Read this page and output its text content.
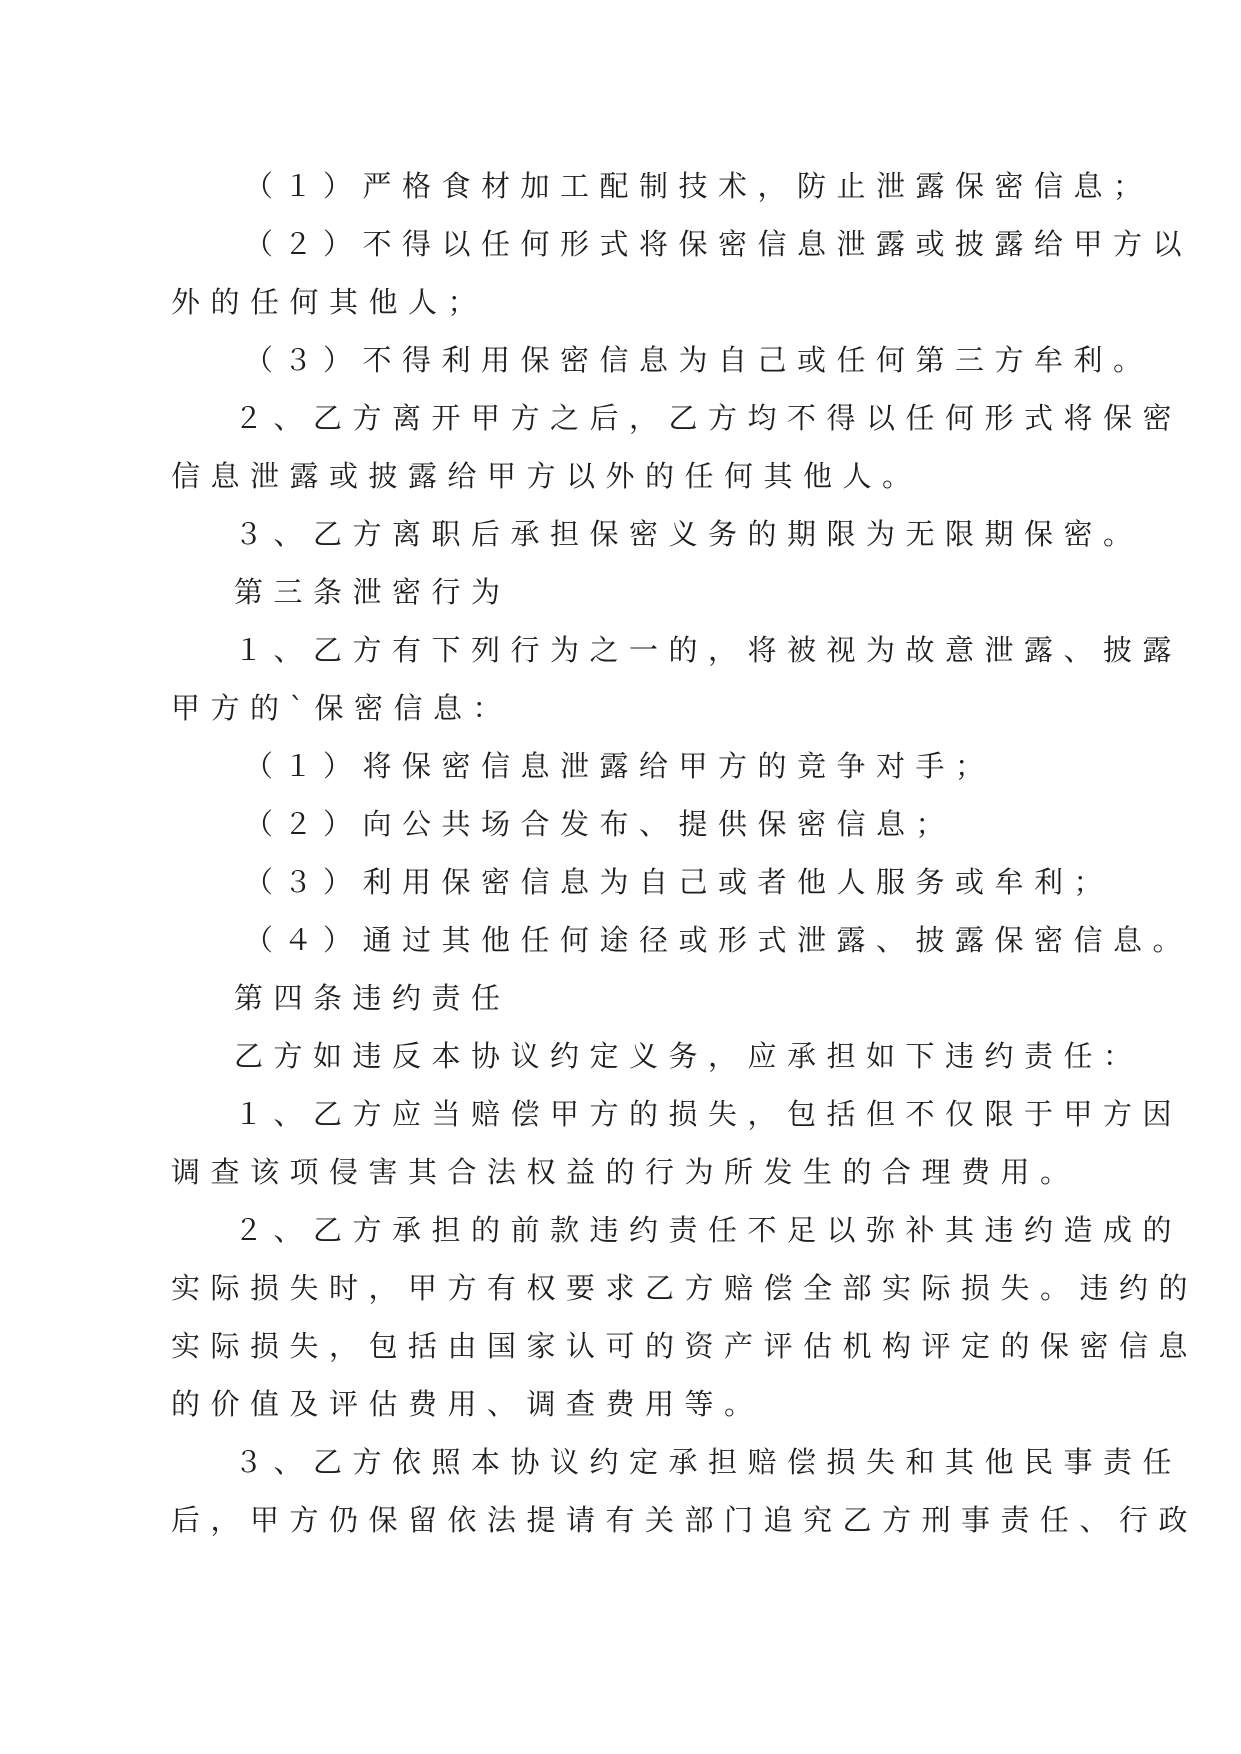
（１）严格食材加工配制技术，防止泄露保密信息；
（２）不得以任何形式将保密信息泄露或披露给甲方以
外的任何其他人；
（３）不得利用保密信息为自己或任何第三方牟利。
２、乙方离开甲方之后，乙方均不得以任何形式将保密
信息泄露或披露给甲方以外的任何其他人。
３、乙方离职后承担保密义务的期限为无限期保密。
第三条泄密行为
１、乙方有下列行为之一的，将被视为故意泄露、披露
甲方的`保密信息：
（１）将保密信息泄露给甲方的竞争对手；
（２）向公共场合发布、提供保密信息；
（３）利用保密信息为自己或者他人服务或牟利；
（４）通过其他任何途径或形式泄露、披露保密信息。
第四条违约责任
乙方如违反本协议约定义务，应承担如下违约责任：
１、乙方应当赔偿甲方的损失，包括但不仅限于甲方因
调查该项侵害其合法权益的行为所发生的合理费用。
２、乙方承担的前款违约责任不足以弥补其违约造成的
实际损失时，甲方有权要求乙方赔偿全部实际损失。违约的
实际损失，包括由国家认可的资产评估机构评定的保密信息
的价值及评估费用、调查费用等。
３、乙方依照本协议约定承担赔偿损失和其他民事责任
后，甲方仍保留依法提请有关部门追究乙方刑事责任、行政
